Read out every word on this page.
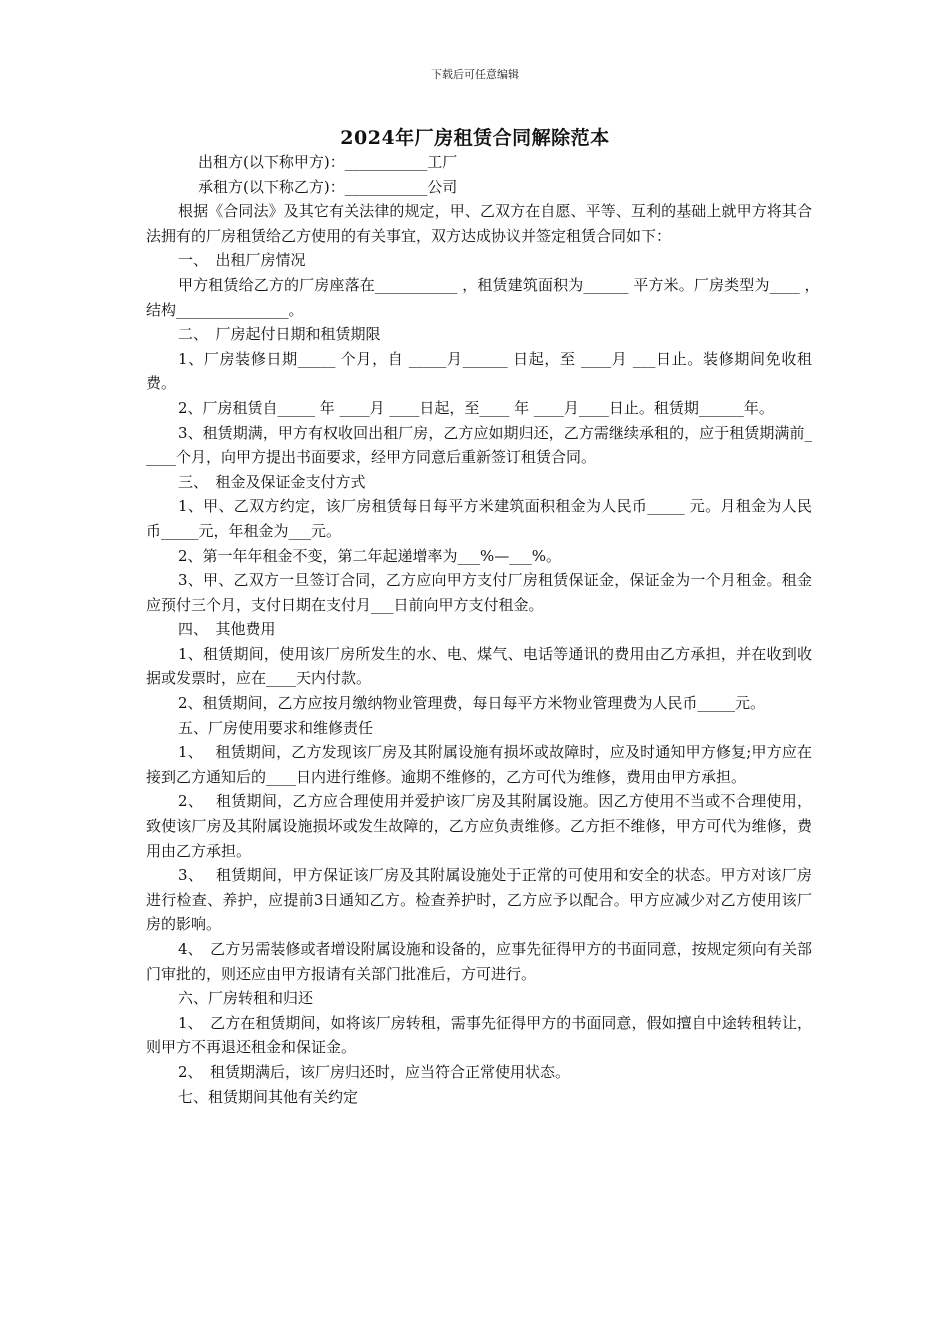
下载后可任意编辑
2024年厂房租赁合同解除范本

出租方(以下称甲方)：___________工厂

承租方(以下称乙方)：___________公司

根据《合同法》及其它有关法律的规定，甲、乙双方在自愿、平等、互利的基础上就甲方将其合法拥有的厂房租赁给乙方使用的有关事宜，双方达成协议并签定租赁合同如下：

一、　出租厂房情况

甲方租赁给乙方的厂房座落在___________ ，租赁建筑面积为______ 平方米。厂房类型为____ ，　 结构_______________。

二、　厂房起付日期和租赁期限

1、厂房装修日期_____ 个月，自 _____月______ 日起，至 ____月 ___日止。装修期间免收租费。

2、厂房租赁自_____ 年 ____月 ____日起，至____ 年 ____月____日止。租赁期______年。

3、租赁期满，甲方有权收回出租厂房，乙方应如期归还，乙方需继续承租的，应于租赁期满前_____个月，向甲方提出书面要求，经甲方同意后重新签订租赁合同。

三、　租金及保证金支付方式

1、甲、乙双方约定，该厂房租赁每日每平方米建筑面积租金为人民币_____ 元。月租金为人民币_____元，年租金为___元。

2、第一年年租金不变，第二年起递增率为___%—___%。

3、甲、乙双方一旦签订合同，乙方应向甲方支付厂房租赁保证金，保证金为一个月租金。租金应预付三个月，支付日期在支付月___日前向甲方支付租金。

四、　其他费用

1、租赁期间，使用该厂房所发生的水、电、煤气、电话等通讯的费用由乙方承担，并在收到收据或发票时，应在____天内付款。

2、租赁期间，乙方应按月缴纳物业管理费，每日每平方米物业管理费为人民币_____元。

五、厂房使用要求和维修责任

1、　 租赁期间，乙方发现该厂房及其附属设施有损坏或故障时，应及时通知甲方修复;甲方应在接到乙方通知后的____日内进行维修。逾期不维修的，乙方可代为维修，费用由甲方承担。

2、　 租赁期间，乙方应合理使用并爱护该厂房及其附属设施。因乙方使用不当或不合理使用，致使该厂房及其附属设施损坏或发生故障的，乙方应负责维修。乙方拒不维修，甲方可代为维修，费用由乙方承担。

3、　 租赁期间，甲方保证该厂房及其附属设施处于正常的可使用和安全的状态。甲方对该厂房进行检查、养护，应提前3日通知乙方。检查养护时，乙方应予以配合。甲方应减少对乙方使用该厂房的影响。

4、　乙方另需装修或者增设附属设施和设备的，应事先征得甲方的书面同意，按规定须向有关部门审批的，则还应由甲方报请有关部门批准后，方可进行。

六、厂房转租和归还

1、　乙方在租赁期间，如将该厂房转租，需事先征得甲方的书面同意，假如擅自中途转租转让，则甲方不再退还租金和保证金。

2、　租赁期满后，该厂房归还时，应当符合正常使用状态。

七、租赁期间其他有关约定
